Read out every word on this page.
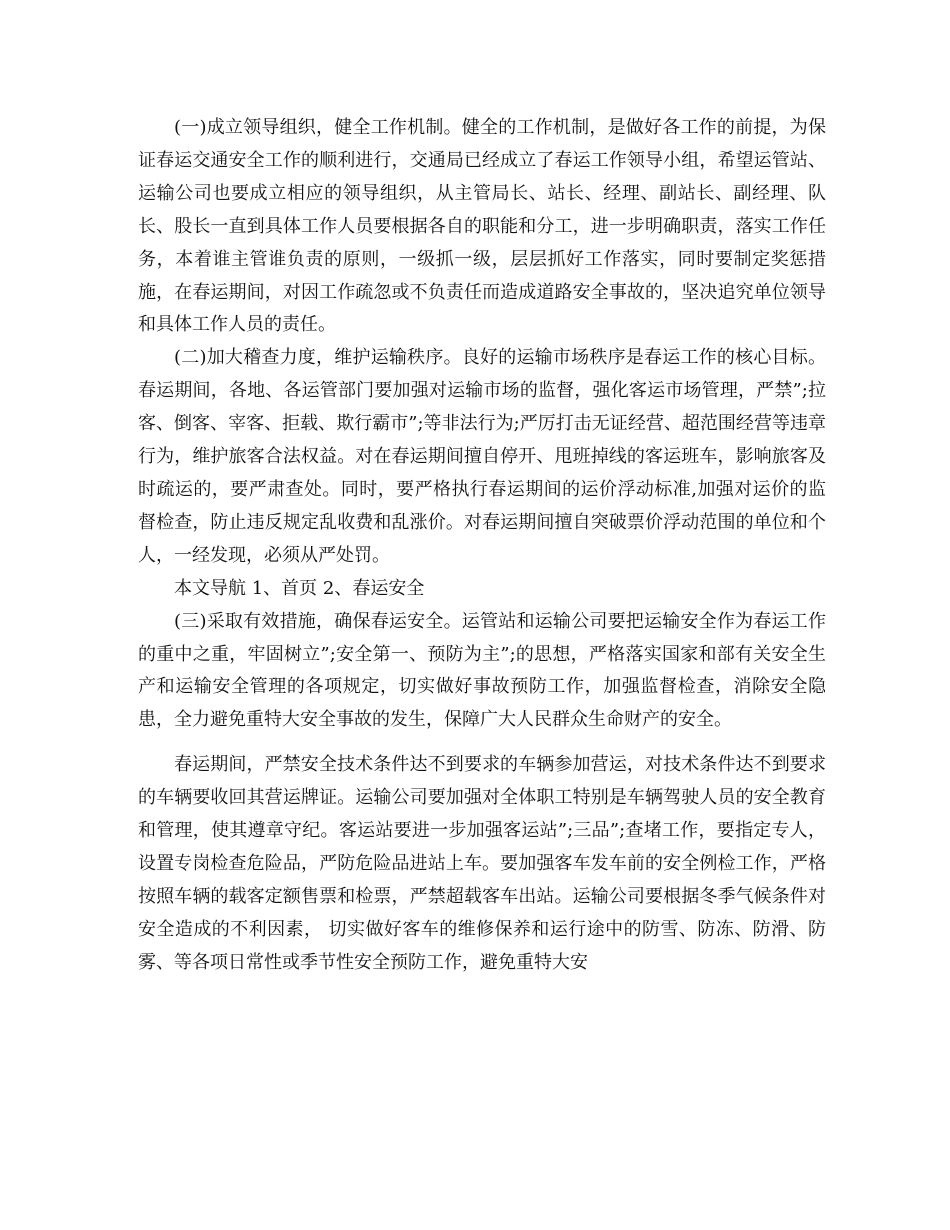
(一)成立领导组织，健全工作机制。健全的工作机制，是做好各工作的前提，为保证春运交通安全工作的顺利进行，交通局已经成立了春运工作领导小组，希望运管站、运输公司也要成立相应的领导组织，从主管局长、站长、经理、副站长、副经理、队长、股长一直到具体工作人员要根据各自的职能和分工，进一步明确职责，落实工作任务，本着谁主管谁负责的原则，一级抓一级，层层抓好工作落实，同时要制定奖惩措施，在春运期间，对因工作疏忽或不负责任而造成道路安全事故的，坚决追究单位领导和具体工作人员的责任。

(二)加大稽查力度，维护运输秩序。良好的运输市场秩序是春运工作的核心目标。春运期间，各地、各运管部门要加强对运输市场的监督，强化客运市场管理，严禁”;拉客、倒客、宰客、拒载、欺行霸市”;等非法行为;严厉打击无证经营、超范围经营等违章行为，维护旅客合法权益。对在春运期间擅自停开、甩班掉线的客运班车，影响旅客及时疏运的，要严肃查处。同时，要严格执行春运期间的运价浮动标准,加强对运价的监督检查，防止违反规定乱收费和乱涨价。对春运期间擅自突破票价浮动范围的单位和个人，一经发现，必须从严处罚。

本文导航 1、首页 2、春运安全

(三)采取有效措施，确保春运安全。运管站和运输公司要把运输安全作为春运工作的重中之重，牢固树立”;安全第一、预防为主”;的思想，严格落实国家和部有关安全生产和运输安全管理的各项规定，切实做好事故预防工作，加强监督检查，消除安全隐患，全力避免重特大安全事故的发生，保障广大人民群众生命财产的安全。

春运期间，严禁安全技术条件达不到要求的车辆参加营运，对技术条件达不到要求的车辆要收回其营运牌证。运输公司要加强对全体职工特别是车辆驾驶人员的安全教育和管理，使其遵章守纪。客运站要进一步加强客运站”;三品”;查堵工作，要指定专人，设置专岗检查危险品，严防危险品进站上车。要加强客车发车前的安全例检工作，严格按照车辆的载客定额售票和检票，严禁超载客车出站。运输公司要根据冬季气候条件对安全造成的不利因素， 切实做好客车的维修保养和运行途中的防雪、防冻、防滑、防雾、等各项日常性或季节性安全预防工作，避免重特大安
